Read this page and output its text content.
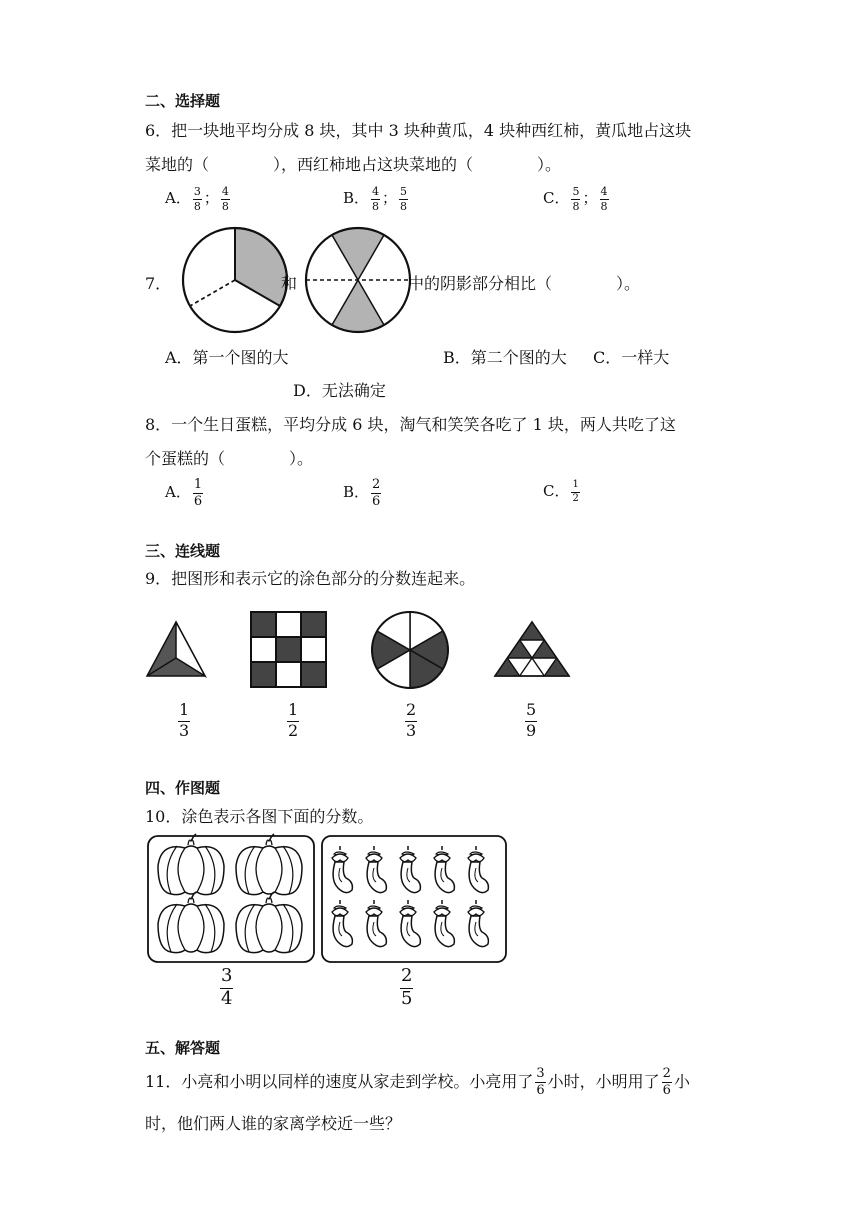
二、选择题
6．把一块地平均分成 8 块，其中 3 块种黄瓜，4 块种西红柿，黄瓜地占这块
菜地的（　　　　），西红柿地占这块菜地的（　　　　）。
A． $\frac{3}{8}$ ； $\frac{4}{8}$	B． $\frac{4}{8}$ ； $\frac{5}{8}$	C． $\frac{5}{8}$ ； $\frac{4}{8}$
7．	和	中的阴影部分相比（　　　　）。
A．第一个图的大	B．第二个图的大 C．一样大
D．无法确定
8．一个生日蛋糕，平均分成 6 块，淘气和笑笑各吃了 1 块，两人共吃了这
个蛋糕的（　　　　）。
A． $\frac{1}{6}$	B． $\frac{2}{6}$	C． $\frac{1}{2}$
三、连线题
9．把图形和表示它的涂色部分的分数连起来。
$\frac{1}{3}$	$\frac{1}{2}$	$\frac{2}{3}$	$\frac{5}{9}$
四、作图题
10．涂色表示各图下面的分数。
$\frac{3}{4}$	$\frac{2}{5}$
五、解答题
11．小亮和小明以同样的速度从家走到学校。小亮用了 $\frac{3}{6}$ 小时，小明用了 $\frac{2}{6}$ 小
时，他们两人谁的家离学校近一些？
